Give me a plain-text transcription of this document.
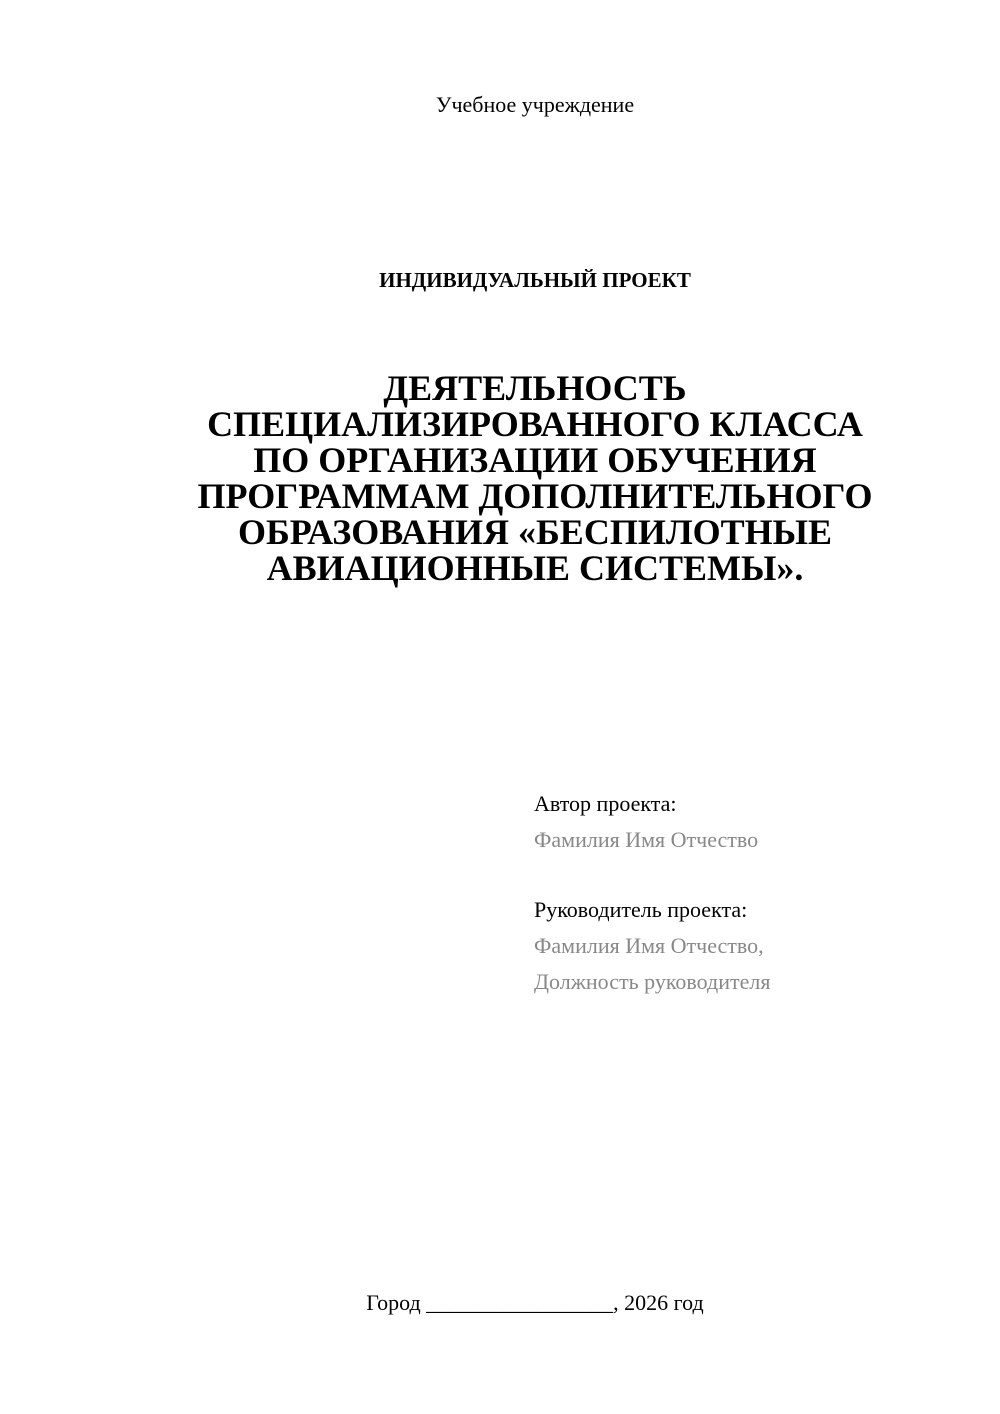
Учебное учреждение
ИНДИВИДУАЛЬНЫЙ ПРОЕКТ
ДЕЯТЕЛЬНОСТЬ
СПЕЦИАЛИЗИРОВАННОГО КЛАССА
ПО ОРГАНИЗАЦИИ ОБУЧЕНИЯ
ПРОГРАММАМ ДОПОЛНИТЕЛЬНОГО
ОБРАЗОВАНИЯ «БЕСПИЛОТНЫЕ
АВИАЦИОННЫЕ СИСТЕМЫ».
Автор проекта:
Фамилия Имя Отчество
Руководитель проекта:
Фамилия Имя Отчество,
Должность руководителя
Город _________________, 2026 год
